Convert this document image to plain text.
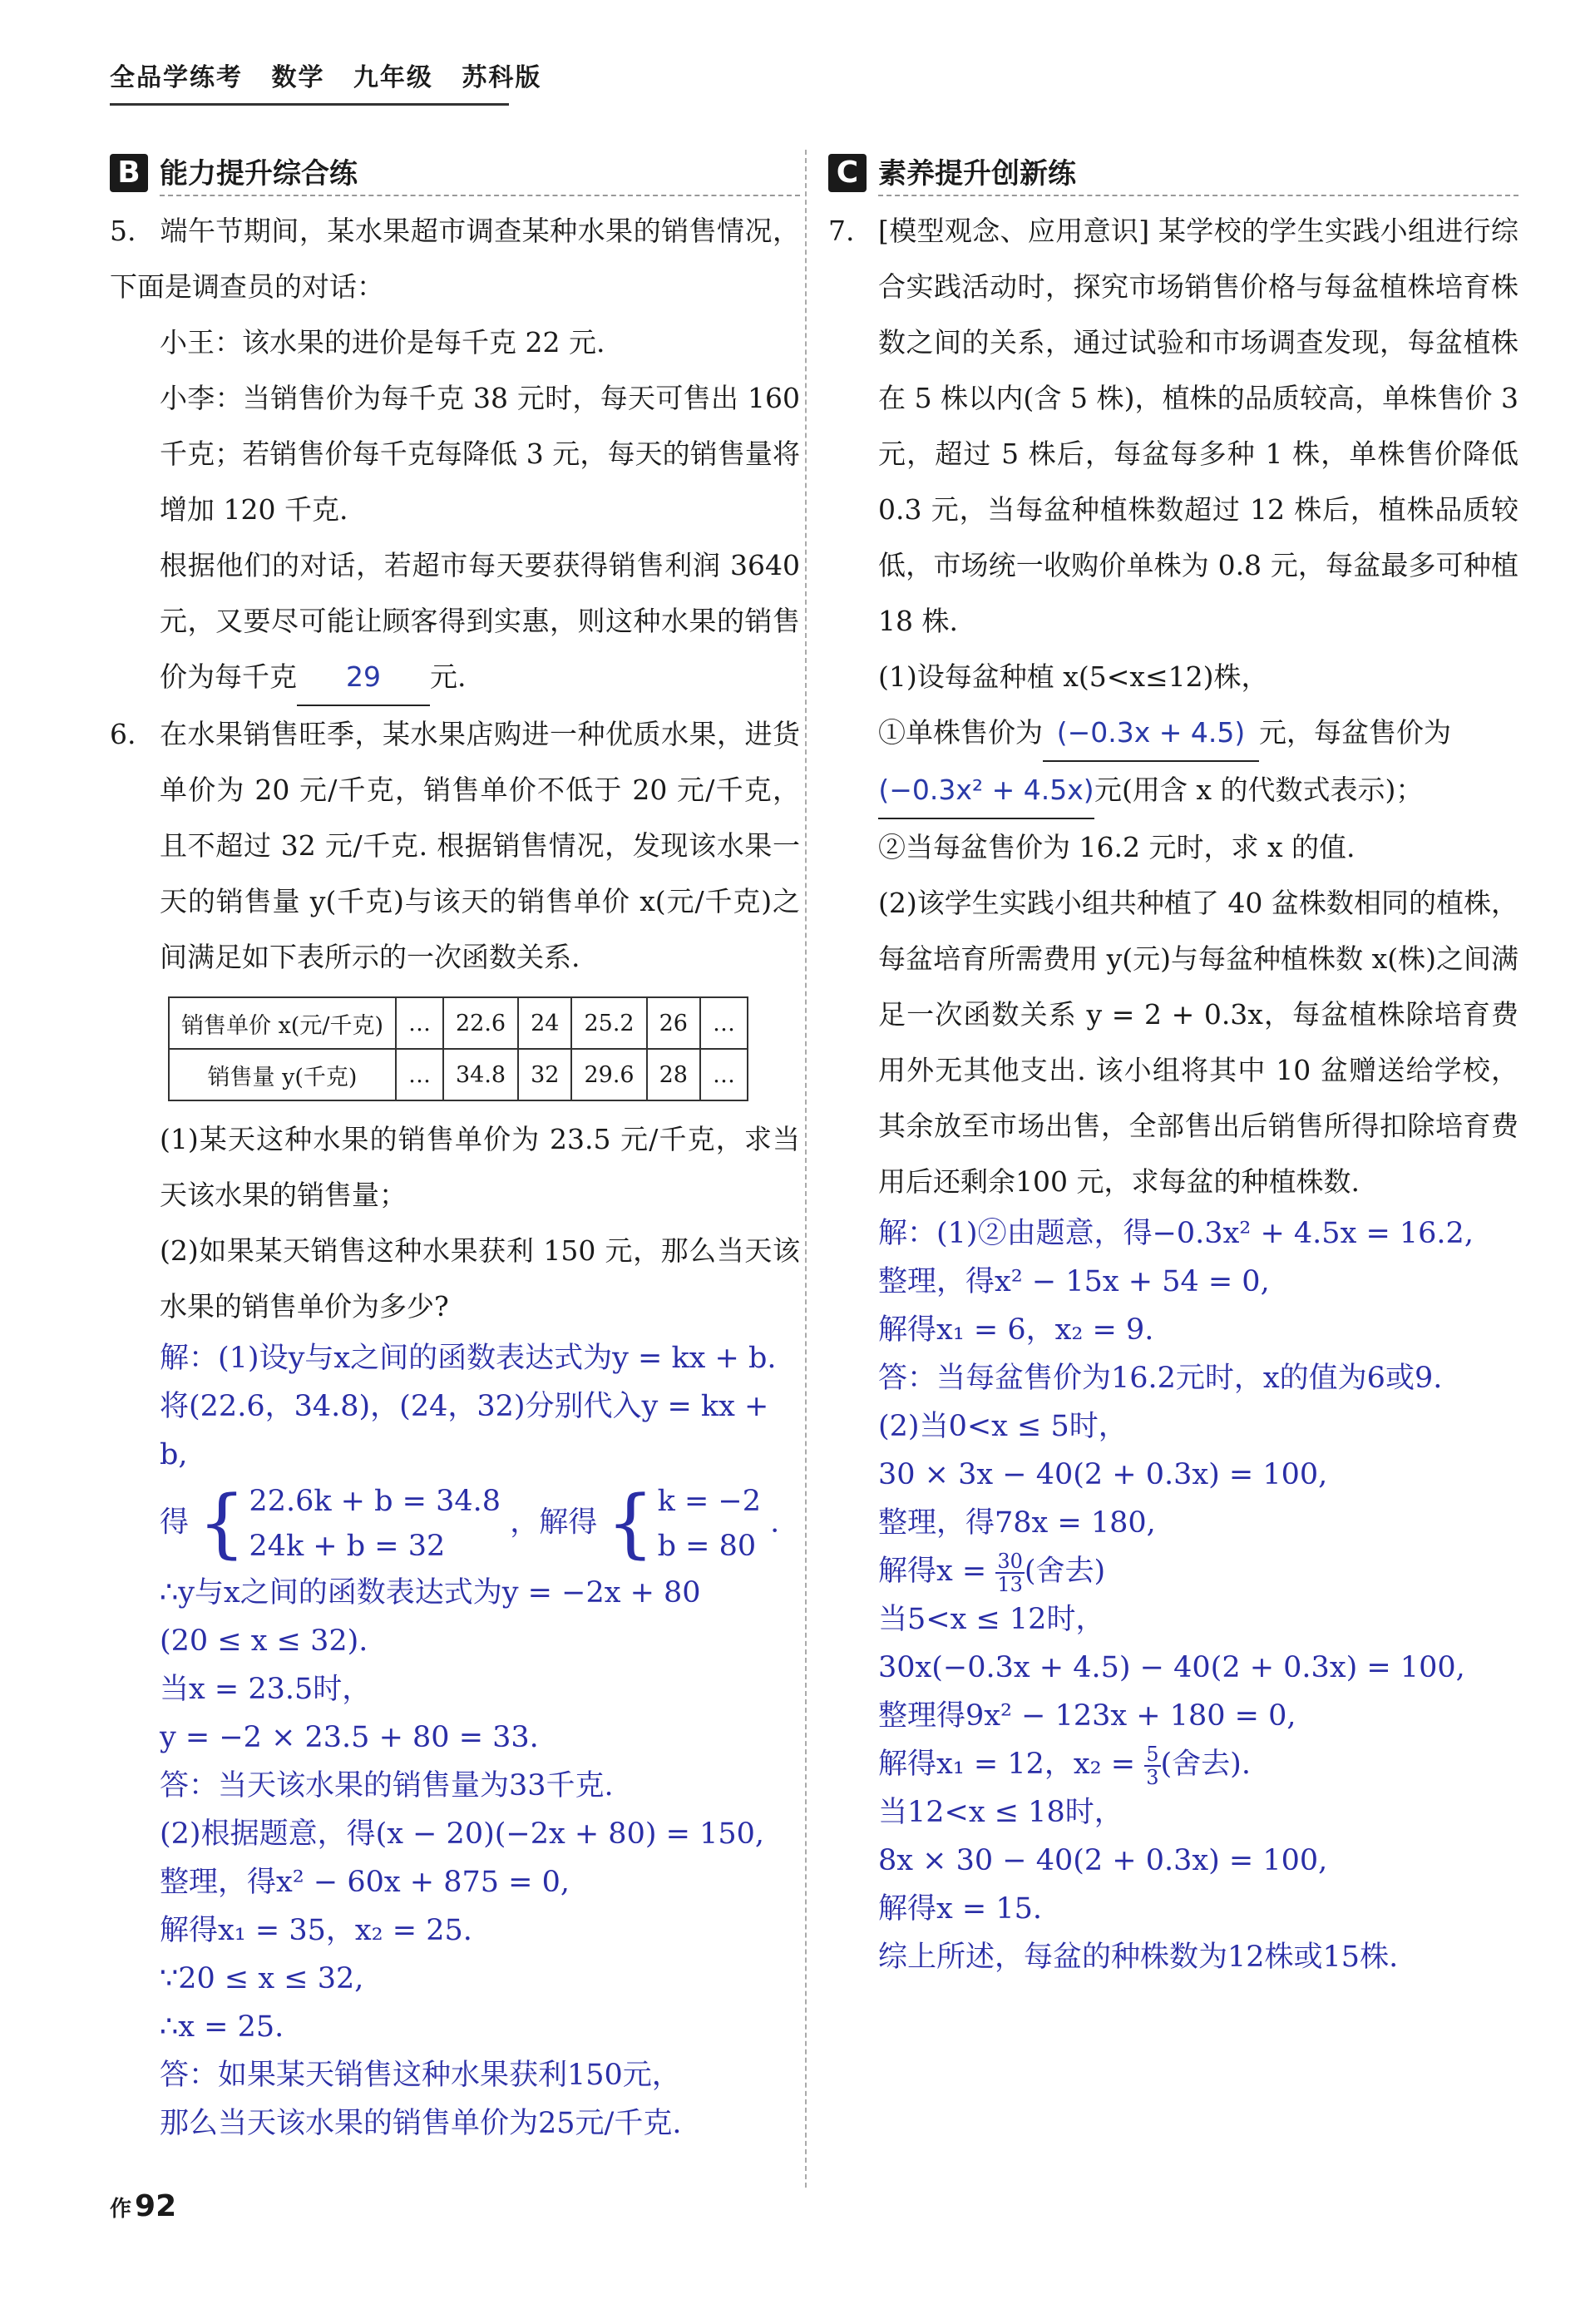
全品学练考 数学 九年级 苏科版
B 能力提升综合练
5. 端午节期间，某水果超市调查某种水果的销售情况，下面是调查员的对话：
小王：该水果的进价是每千克 22 元.
小李：当销售价为每千克 38 元时，每天可售出 160 千克；若销售价每千克每降低 3 元，每天的销售量将增加 120 千克.
根据他们的对话，若超市每天要获得销售利润 3640 元，又要尽可能让顾客得到实惠，则这种水果的销售价为每千克 29 元.
6. 在水果销售旺季，某水果店购进一种优质水果，进货单价为 20 元/千克，销售单价不低于 20 元/千克，且不超过 32 元/千克. 根据销售情况，发现该水果一天的销售量 y(千克)与该天的销售单价 x(元/千克)之间满足如下表所示的一次函数关系.
销售单价 x(元/千克)	…	22.6	24	25.2	26	…
销售量 y(千克)	…	34.8	32	29.6	28	…
(1)某天这种水果的销售单价为 23.5 元/千克，求当天该水果的销售量；
(2)如果某天销售这种水果获利 150 元，那么当天该水果的销售单价为多少?

解：(1)设y与x之间的函数表达式为y = kx + b.

将(22.6，34.8)，(24，32)分别代入y = kx + b,

得 { 22.6k + b = 34.8
24k + b = 32
，解得 { k = −2
b = 80
.

∴y与x之间的函数表达式为y = −2x + 80

(20 ≤ x ≤ 32).

当x = 23.5时，

y = −2 × 23.5 + 80 = 33.

答：当天该水果的销售量为33千克.

(2)根据题意，得(x − 20)(−2x + 80) = 150,

整理，得x² − 60x + 875 = 0,

解得x₁ = 35，x₂ = 25.

∵20 ≤ x ≤ 32,

∴x = 25.

答：如果某天销售这种水果获利150元，

那么当天该水果的销售单价为25元/千克.

C 素养提升创新练
7. [模型观念、应用意识] 某学校的学生实践小组进行综合实践活动时，探究市场销售价格与每盆植株培育株数之间的关系，通过试验和市场调查发现，每盆植株在 5 株以内(含 5 株)，植株的品质较高，单株售价 3 元，超过 5 株后，每盆每多种 1 株，单株售价降低 0.3 元，当每盆种植株数超过 12 株后，植株品质较低，市场统一收购价单株为 0.8 元，每盆最多可种植 18 株.
(1)设每盆种植 x(5<x≤12)株，
①单株售价为 (−0.3x + 4.5) 元，每盆售价为
(−0.3x² + 4.5x)元(用含 x 的代数式表示)；
②当每盆售价为 16.2 元时，求 x 的值.
(2)该学生实践小组共种植了 40 盆株数相同的植株，每盆培育所需费用 y(元)与每盆种植株数 x(株)之间满足一次函数关系 y = 2 + 0.3x，每盆植株除培育费用外无其他支出. 该小组将其中 10 盆赠送给学校，其余放至市场出售，全部售出后销售所得扣除培育费用后还剩余100 元，求每盆的种植株数.

解：(1)②由题意，得−0.3x² + 4.5x = 16.2,

整理，得x² − 15x + 54 = 0,

解得x₁ = 6，x₂ = 9.

答：当每盆售价为16.2元时，x的值为6或9.

(2)当0<x ≤ 5时，

30 × 3x − 40(2 + 0.3x) = 100,

整理，得78x = 180,

解得$x = \frac{30}{13}$ (舍去)

当5<x ≤ 12时，

30x(−0.3x + 4.5) − 40(2 + 0.3x) = 100,

整理得9x² − 123x + 180 = 0,

解得x₁ = 12，$x_2 = \frac{5}{3}$ (舍去).

当12<x ≤ 18时，

8x × 30 − 40(2 + 0.3x) = 100,

解得x = 15.

综上所述，每盆的种株数为12株或15株.

作 92
